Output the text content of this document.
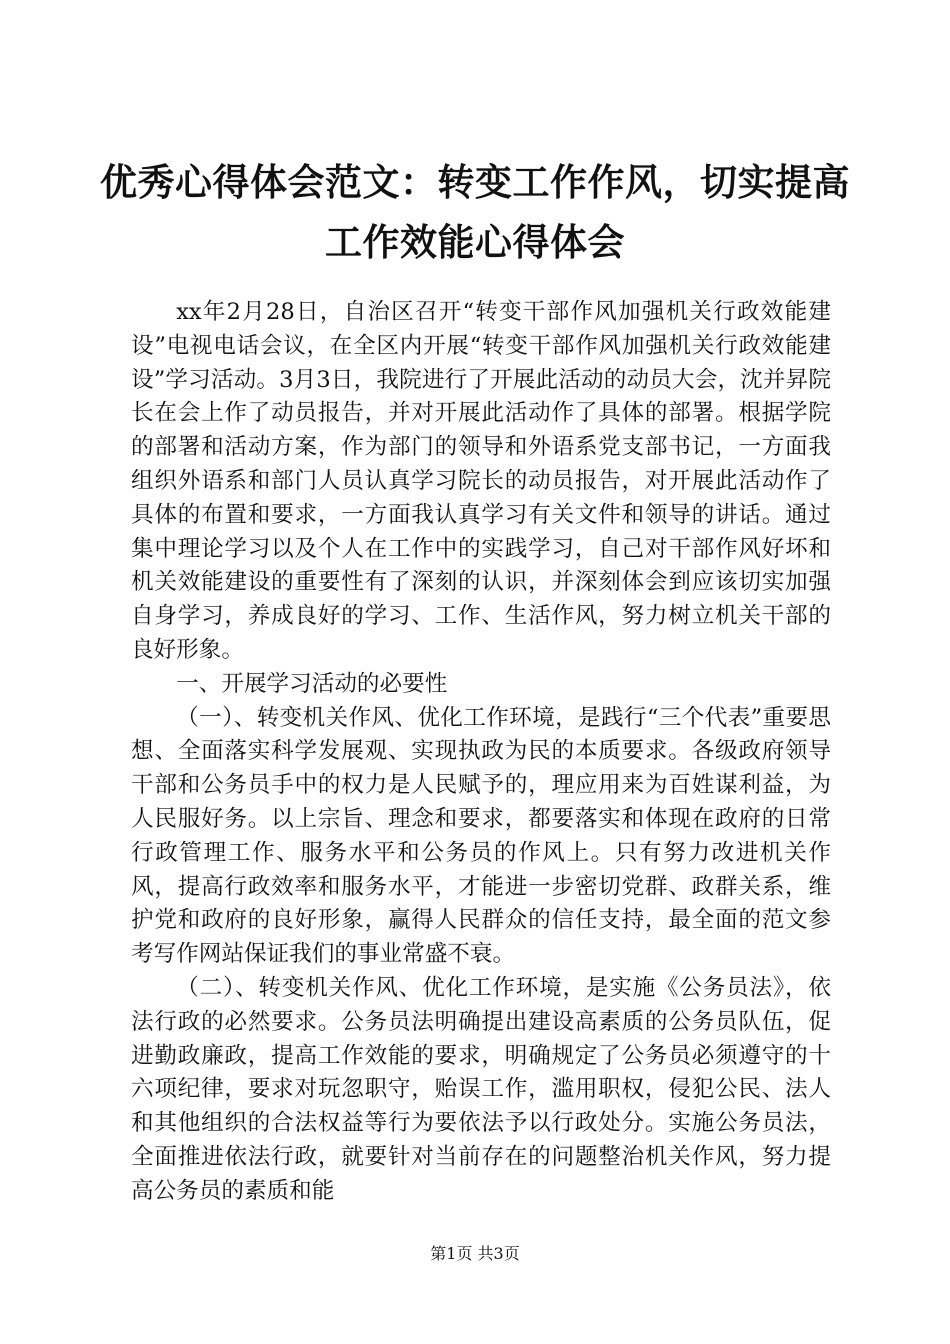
优秀心得体会范文：转变工作作风，切实提高
工作效能心得体会

xx年2月28日，自治区召开“转变干部作风加强机关行政效能建设”电视电话会议，在全区内开展“转变干部作风加强机关行政效能建设”学习活动。3月3日，我院进行了开展此活动的动员大会，沈并昇院长在会上作了动员报告，并对开展此活动作了具体的部署。根据学院的部署和活动方案，作为部门的领导和外语系党支部书记，一方面我组织外语系和部门人员认真学习院长的动员报告，对开展此活动作了具体的布置和要求，一方面我认真学习有关文件和领导的讲话。通过集中理论学习以及个人在工作中的实践学习，自己对干部作风好坏和机关效能建设的重要性有了深刻的认识，并深刻体会到应该切实加强自身学习，养成良好的学习、工作、生活作风，努力树立机关干部的良好形象。

一、开展学习活动的必要性

（一）、转变机关作风、优化工作环境，是践行“三个代表”重要思想、全面落实科学发展观、实现执政为民的本质要求。各级政府领导干部和公务员手中的权力是人民赋予的，理应用来为百姓谋利益，为人民服好务。以上宗旨、理念和要求，都要落实和体现在政府的日常行政管理工作、服务水平和公务员的作风上。只有努力改进机关作风，提高行政效率和服务水平，才能进一步密切党群、政群关系，维护党和政府的良好形象，赢得人民群众的信任支持，最全面的范文参考写作网站保证我们的事业常盛不衰。

（二）、转变机关作风、优化工作环境，是实施《公务员法》，依法行政的必然要求。公务员法明确提出建设高素质的公务员队伍，促进勤政廉政，提高工作效能的要求，明确规定了公务员必须遵守的十六项纪律，要求对玩忽职守，贻误工作，滥用职权，侵犯公民、法人和其他组织的合法权益等行为要依法予以行政处分。实施公务员法，全面推进依法行政，就要针对当前存在的问题整治机关作风，努力提高公务员的素质和能

第1页 共3页
